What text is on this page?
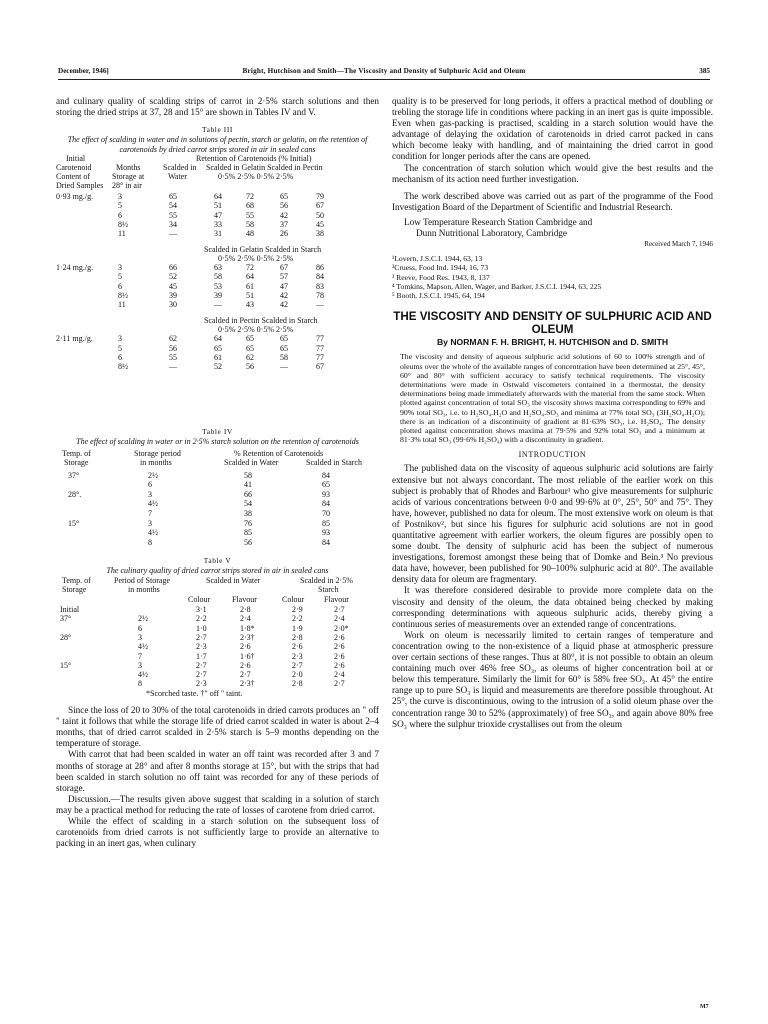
December, 1946]	Bright, Hutchison and Smith—The Viscosity and Density of Sulphuric Acid and Oleum	385

and culinary quality of scalding strips of carrot in 2·5% starch solutions and then storing the dried strips at 37, 28 and 15° are shown in Tables IV and V.

Table III
The effect of scalding in water and in solutions of pectin, starch or gelatin, on the retention of carotenoids by dried carrot strips stored in air in sealed cans
Initial
Carotenoid
Content of
Dried Samples
Months
Storage at
28° in air
Retention of Carotenoids (% Initial)
Scalded in
Water
Scalded in Gelatin Scalded in Pectin
0·5% 2·5% 0·5% 2·5%
0·93 mg./g.	3	65	64	72	65	79
5	54	51	68	56	67
6	55	47	55	42	50
8½	34	33	58	37	45
11	—	31	48	26	38
Scalded in Gelatin Scalded in Starch
0·5% 2·5% 0·5% 2·5%
1·24 mg./g.	3	66	63	72	67	86
5	52	58	64	57	84
6	45	53	61	47	83
8½	39	39	51	42	78
11	30	—	43	42	—
Scalded in Pectin Scalded in Starch
0·5% 2·5% 0·5% 2·5%
2·11 mg./g.	3	62	64	65	65	77
5	56	65	65	65	77
6	55	61	62	58	77
8½	—	52	56	—	67
Table IV
The effect of scalding in water or in 2·5% starch solution on the retention of carotenoids
Temp. of
Storage
Storage period
in months
% Retention of Carotenoids
Scalded in Water	Scalded in Starch
37°	2½	58	84
6	41	65
28°.	3	66	93
4½	54	84
7	38	70
15°	3	76	85
4½	85	93
8	56	84
Table V
The culinary quality of dried carrot strips stored in air in sealed cans
Temp. of
Storage
Period of Storage
in months
Scalded in Water	Scalded in 2·5%
Starch
Colour	Flavour	Colour Flavour
*Scorched taste. †" off " taint.
Initial	3·1	2·8	2·9	2·7
37°	2½	2·2	2·4	2·2	2·4
6	1·0	1·8*	1·9	2·0*
28°	3	2·7	2·3†	2·8	2·6
4½	2·3	2·6	2·6	2·6
7	1·7	1·6†	2·3	2·6
15°	3	2·7	2·6	2·7	2·6
4½	2·7	2·7	2·0	2·4
8	2·3	2·3†	2·8	2·7

Since the loss of 20 to 30% of the total carotenoids in dried carrots produces an " off " taint it follows that while the storage life of dried carrot scalded in water is about 2–4 months, that of dried carrot scalded in 2·5% starch is 5–9 months depending on the temperature of storage.

With carrot that had been scalded in water an off taint was recorded after 3 and 7 months of storage at 28° and after 8 months storage at 15°, but with the strips that had been scalded in starch solution no off taint was recorded for any of these periods of storage.

Discussion.—The results given above suggest that scalding in a solution of starch may be a practical method for reducing the rate of losses of carotene from dried carrot.

While the effect of scalding in a starch solution on the subsequent loss of carotenoids from dried carrots is not sufficiently large to provide an alternative to packing in an inert gas, when culinary

quality is to be preserved for long periods, it offers a practical method of doubling or trebling the storage life in conditions where packing in an inert gas is quite impossible. Even when gas-packing is practised, scalding in a starch solution would have the advantage of delaying the oxidation of carotenoids in dried carrot packed in cans which become leaky with handling, and of maintaining the dried carrot in good condition for longer periods after the cans are opened.

The concentration of starch solution which would give the best results and the mechanism of its action need further investigation.

The work described above was carried out as part of the programme of the Food Investigation Board of the Department of Scientific and Industrial Research.

Low Temperature Research Station Cambridge and
Dunn Nutritional Laboratory, Cambridge
Received March 7, 1946
¹Lovern, J.S.C.I. 1944, 63, 13
²Cruess, Food Ind. 1944, 16, 73
³ Reeve, Food Res. 1943, 8, 137
⁴ Tomkins, Mapson, Allen, Wager, and Barker, J.S.C.I. 1944, 63, 225
⁵ Booth, J.S.C.I. 1945, 64, 194
THE VISCOSITY AND DENSITY OF SULPHURIC ACID AND OLEUM
By NORMAN F. H. BRIGHT, H. HUTCHISON and D. SMITH

The viscosity and density of aqueous sulphuric acid solutions of 60 to 100% strength and of oleums over the whole of the available ranges of concentration have been determined at 25°, 45°, 60° and 80° with sufficient accuracy to satisfy technical requirements. The viscosity determinations were made in Ostwald viscometers contained in a thermostat, the density determinations being made immediately afterwards with the material from the same stock. When plotted against concentration of total SO₃ the viscosity shows maxima corresponding to 69% and 90% total SO₃, i.e. to H₂SO₄.H₂O and H₂SO₄.SO₃ and minima at 77% total SO₃ (3H₂SO₄.H₂O); there is an indication of a discontinuity of gradient at 81·63% SO₃, i.e. H₂SO₄. The density plotted against concentration shows maxima at 79·5% and 92% total SO₃ and a minimum at 81·3% total SO₃ (99·6% H₂SO₄) with a discontinuity in gradient.

INTRODUCTION

The published data on the viscosity of aqueous sulphuric acid solutions are fairly extensive but not always concordant. The most reliable of the earlier work on this subject is probably that of Rhodes and Barbour¹ who give measurements for sulphuric acids of various concentrations between 0·0 and 99·6% at 0°, 25°, 50° and 75°. They have, however, published no data for oleum. The most extensive work on oleum is that of Postnikov², but since his figures for sulphuric acid solutions are not in good quantitative agreement with earlier workers, the oleum figures are possibly open to some doubt. The density of sulphuric acid has been the subject of numerous investigations, foremost amongst these being that of Domke and Bein.³ No previous data have, however, been published for 90–100% sulphuric acid at 80°. The available density data for oleum are fragmentary.

It was therefore considered desirable to provide more complete data on the viscosity and density of the oleum, the data obtained being checked by making corresponding determinations with aqueous sulphuric acids, thereby giving a continuous series of measurements over an extended range of concentrations.

Work on oleum is necessarily limited to certain ranges of temperature and concentration owing to the non-existence of a liquid phase at atmospheric pressure over certain sections of these ranges. Thus at 80°, it is not possible to obtain an oleum containing much over 46% free SO₃, as oleums of higher concentration boil at or below this temperature. Similarly the limit for 60° is 58% free SO₃. At 45° the entire range up to pure SO₃ is liquid and measurements are therefore possible throughout. At 25°, the curve is discontinuous, owing to the intrusion of a solid oleum phase over the concentration range 30 to 52% (approximately) of free SO₃, and again above 80% free SO₃ where the sulphur trioxide crystallises out from the oleum

M7
